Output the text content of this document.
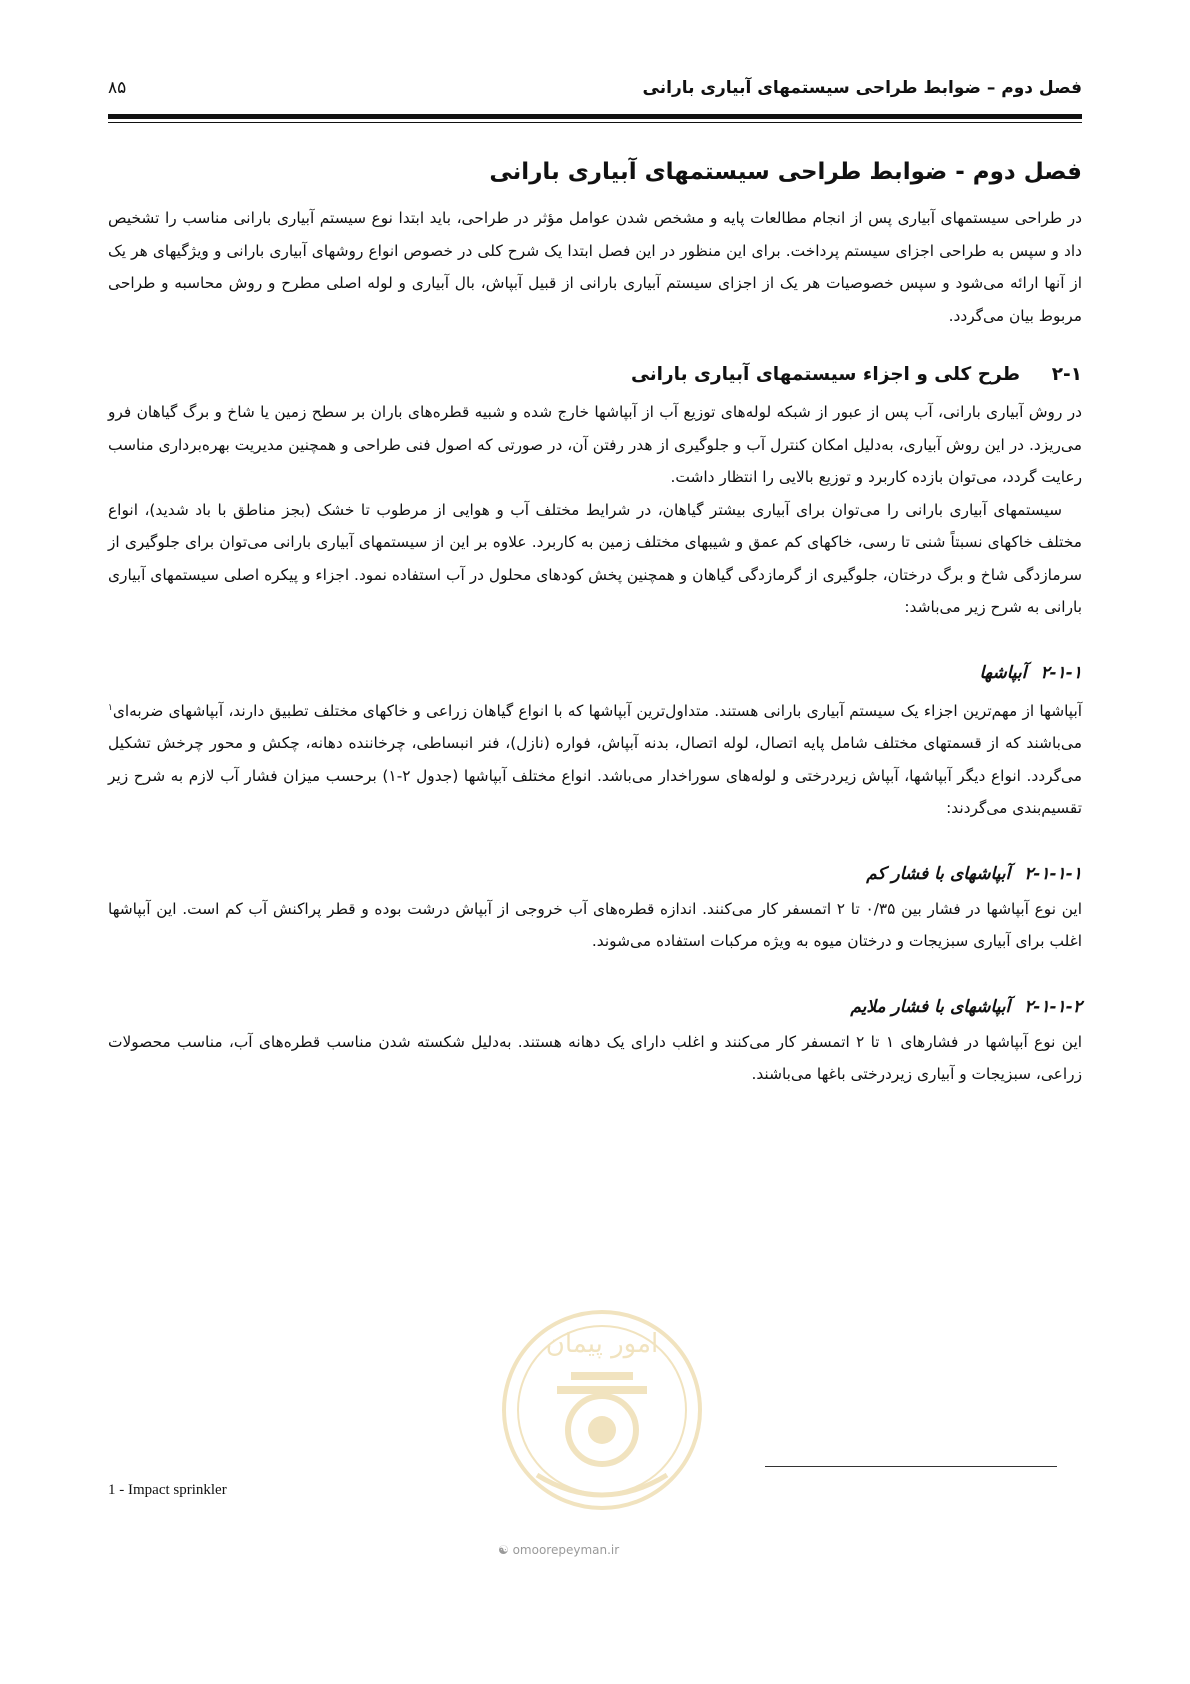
فصل دوم – ضوابط طراحی سیستمهای آبیاری بارانی
۸۵
فصل دوم - ضوابط طراحی سیستمهای آبیاری بارانی

در طراحی سیستمهای آبیاری پس از انجام مطالعات پایه و مشخص شدن عوامل مؤثر در طراحی، باید ابتدا نوع سیستم آبیاری بارانی مناسب را تشخیص داد و سپس به طراحی اجزای سیستم پرداخت. برای این منظور در این فصل ابتدا یک شرح کلی در خصوص انواع روشهای آبیاری بارانی و ویژگیهای هر یک از آنها ارائه می‌شود و سپس خصوصیات هر یک از اجزای سیستم آبیاری بارانی از قبیل آبپاش، بال آبیاری و لوله اصلی مطرح و روش محاسبه و طراحی مربوط بیان می‌گردد.

۲-۱طرح کلی و اجزاء سیستمهای آبیاری بارانی

در روش آبیاری بارانی، آب پس از عبور از شبکه لوله‌های توزیع آب از آبپاشها خارج شده و شبیه قطره‌های باران بر سطح زمین یا شاخ و برگ گیاهان فرو می‌ریزد. در این روش آبیاری، به‌دلیل امکان کنترل آب و جلوگیری از هدر رفتن آن، در صورتی که اصول فنی طراحی و همچنین مدیریت بهره‌برداری مناسب رعایت گردد، می‌توان بازده کاربرد و توزیع بالایی را انتظار داشت.

سیستمهای آبیاری بارانی را می‌توان برای آبیاری بیشتر گیاهان، در شرایط مختلف آب و هوایی از مرطوب تا خشک (بجز مناطق با باد شدید)، انواع مختلف خاکهای نسبتاً شنی تا رسی، خاکهای کم عمق و شیبهای مختلف زمین به کاربرد. علاوه بر این از سیستمهای آبیاری بارانی می‌توان برای جلوگیری از سرمازدگی شاخ و برگ درختان، جلوگیری از گرمازدگی گیاهان و همچنین پخش کودهای محلول در آب استفاده نمود. اجزاء و پیکره اصلی سیستمهای آبیاری بارانی به شرح زیر می‌باشد:

۲-۱-۱آبپاشها

آبپاشها از مهم‌ترین اجزاء یک سیستم آبیاری بارانی هستند. متداول‌ترین آبپاشها که با انواع گیاهان زراعی و خاکهای مختلف تطبیق دارند، آبپاشهای ضربه‌ای$^۱$ می‌باشند که از قسمتهای مختلف شامل پایه اتصال، لوله اتصال، بدنه آبپاش، فواره (نازل)، فنر انبساطی، چرخاننده دهانه، چکش و محور چرخش تشکیل می‌گردد. انواع دیگر آبپاشها، آبپاش زیردرختی و لوله‌های سوراخدار می‌باشد. انواع مختلف آبپاشها (جدول ۲-۱) برحسب میزان فشار آب لازم به شرح زیر تقسیم‌بندی می‌گردند:

۲-۱-۱-۱آبپاشهای با فشار کم

این نوع آبپاشها در فشار بین ۰/۳۵ تا ۲ اتمسفر کار می‌کنند. اندازه قطره‌های آب خروجی از آبپاش درشت بوده و قطر پراکنش آب کم است. این آبپاشها اغلب برای آبیاری سبزیجات و درختان میوه به ویژه مرکبات استفاده می‌شوند.

۲-۱-۱-۲آبپاشهای با فشار ملایم

این نوع آبپاشها در فشارهای ۱ تا ۲ اتمسفر کار می‌کنند و اغلب دارای یک دهانه هستند. به‌دلیل شکسته شدن مناسب قطره‌های آب، مناسب محصولات زراعی، سبزیجات و آبیاری زیردرختی باغها می‌باشند.

1 - Impact sprinkler
امور پیمان
☯ omoorepeyman.ir
